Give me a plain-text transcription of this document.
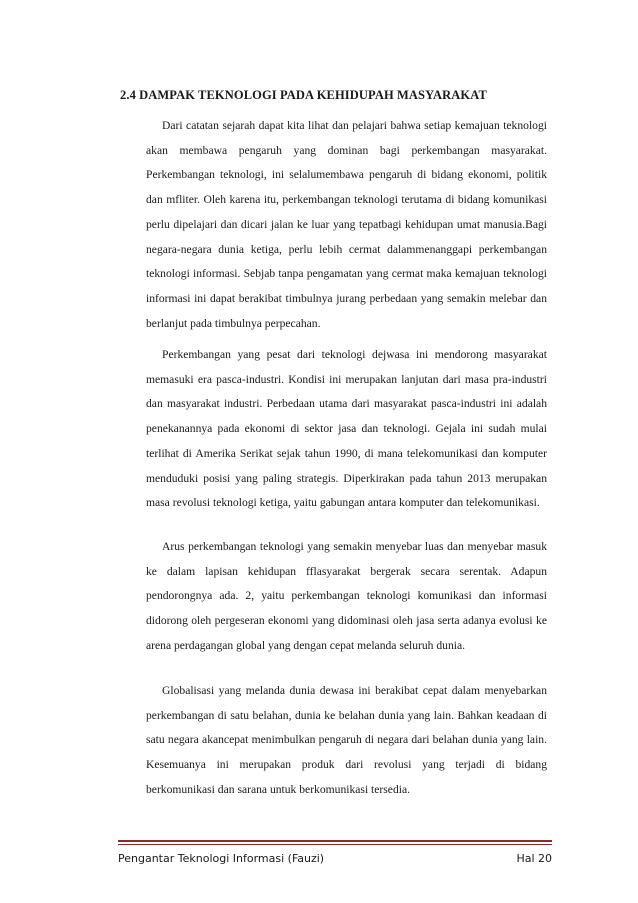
2.4 DAMPAK TEKNOLOGI PADA KEHIDUPAH MASYARAKAT

Dari catatan sejarah dapat kita lihat dan pelajari bahwa setiap kemajuan teknologi akan membawa pengaruh yang dominan bagi perkembangan masyarakat. Perkembangan teknologi, ini selalumembawa pengaruh di bidang ekonomi, politik dan mfliter. Oleh karena itu, perkembangan teknologi terutama di bidang komunikasi perlu dipelajari dan dicari jalan ke luar yang tepatbagi kehidupan umat manusia.Bagi negara-negara dunia ketiga, perlu lebih cermat dalammenanggapi perkembangan teknologi informasi. Sebjab tanpa pengamatan yang cermat maka kemajuan teknologi informasi ini dapat berakibat timbulnya jurang perbedaan yang semakin melebar dan berlanjut pada timbulnya perpecahan.

Perkembangan yang pesat dari teknologi dejwasa ini mendorong masyarakat memasuki era pasca-industri. Kondisi ini merupakan lanjutan dari masa pra-industri dan masyarakat industri. Perbedaan utama dari masyarakat pasca-industri ini adalah penekanannya pada ekonomi di sektor jasa dan teknologi. Gejala ini sudah mulai terlihat di Amerika Serikat sejak tahun 1990, di mana telekomunikasi dan komputer menduduki posisi yang paling strategis. Diperkirakan pada tahun 2013 merupakan masa revolusi teknologi ketiga, yaitu gabungan antara komputer dan telekomunikasi.

Arus perkembangan teknologi yang semakin menyebar luas dan menyebar masuk ke dalam lapisan kehidupan fflasyarakat bergerak secara serentak. Adapun pendorongnya ada. 2, yaitu perkembangan teknologi komunikasi dan informasi didorong oleh pergeseran ekonomi yang didominasi oleh jasa serta adanya evolusi ke arena perdagangan global yang dengan cepat melanda seluruh dunia.

Globalisasi yang melanda dunia dewasa ini berakibat cepat dalam menyebarkan perkembangan di satu belahan, dunia ke belahan dunia yang lain. Bahkan keadaan di satu negara akancepat menimbulkan pengaruh di negara dari belahan dunia yang lain. Kesemuanya ini merupakan produk dari revolusi yang terjadi di bidang berkomunikasi dan sarana untuk berkomunikasi tersedia.

Pengantar Teknologi Informasi (Fauzi)	Hal 20
